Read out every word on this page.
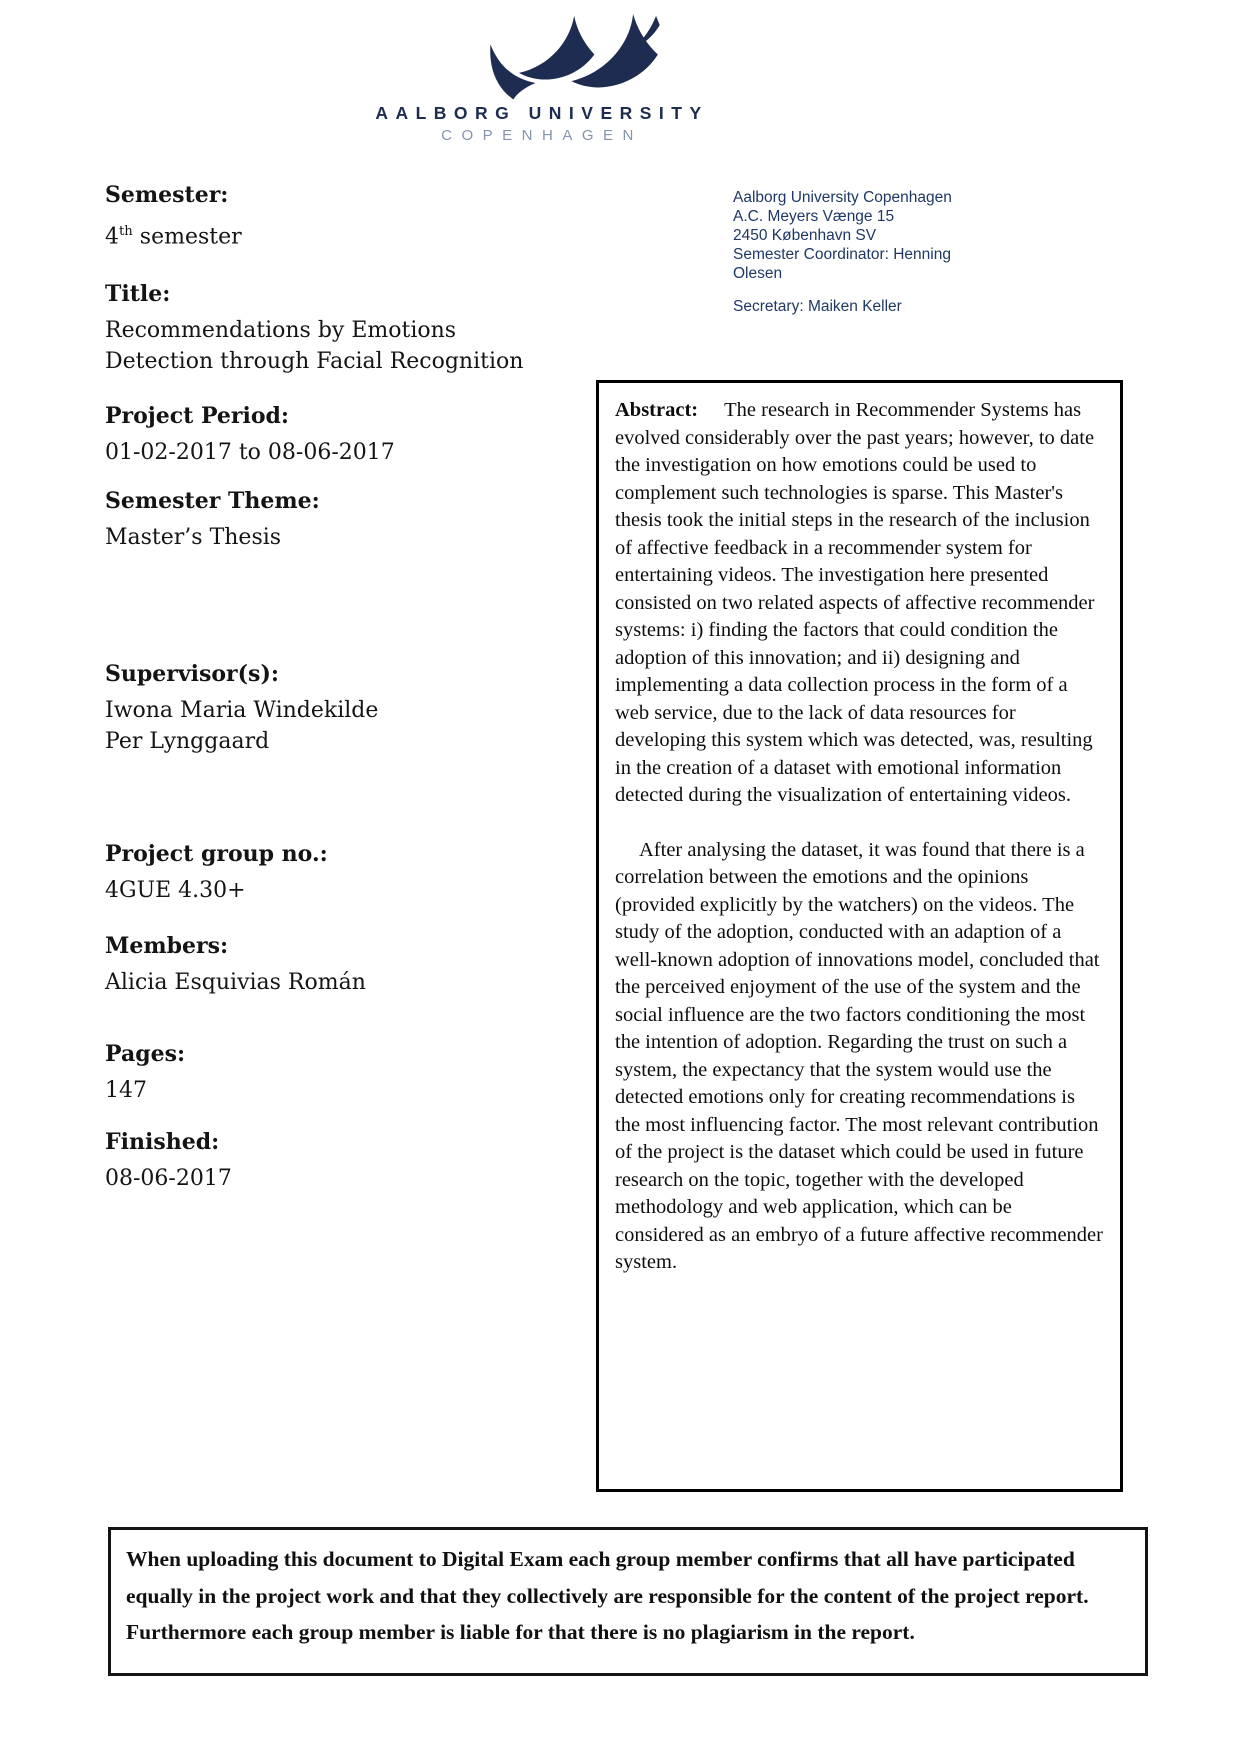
AALBORG UNIVERSITY
COPENHAGEN
Semester:
4th semester
Title:
Recommendations by Emotions
Detection through Facial Recognition
Project Period:
01-02-2017 to 08-06-2017
Semester Theme:
Master’s Thesis
Supervisor(s):
Iwona Maria Windekilde
Per Lynggaard
Project group no.:
4GUE 4.30+
Members:
Alicia Esquivias Román
Pages:
147
Finished:
08-06-2017
Aalborg University Copenhagen
A.C. Meyers Vænge 15
2450 København SV
Semester Coordinator: Henning Olesen
Secretary: Maiken Keller

Abstract: The research in Recommender Systems has evolved considerably over the past years; however, to date the investigation on how emotions could be used to complement such technologies is sparse. This Master's thesis took the initial steps in the research of the inclusion of affective feedback in a recommender system for entertaining videos. The investigation here presented consisted on two related aspects of affective recommender systems: i) finding the factors that could condition the adoption of this innovation; and ii) designing and implementing a data collection process in the form of a web service, due to the lack of data resources for developing this system which was detected, was, resulting in the creation of a dataset with emotional information detected during the visualization of entertaining videos.

After analysing the dataset, it was found that there is a correlation between the emotions and the opinions (provided explicitly by the watchers) on the videos. The study of the adoption, conducted with an adaption of a well-known adoption of innovations model, concluded that the perceived enjoyment of the use of the system and the social influence are the two factors conditioning the most the intention of adoption. Regarding the trust on such a system, the expectancy that the system would use the detected emotions only for creating recommendations is the most influencing factor. The most relevant contribution of the project is the dataset which could be used in future research on the topic, together with the developed methodology and web application, which can be considered as an embryo of a future affective recommender system.

When uploading this document to Digital Exam each group member confirms that all have participated equally in the project work and that they collectively are responsible for the content of the project report. Furthermore each group member is liable for that there is no plagiarism in the report.
